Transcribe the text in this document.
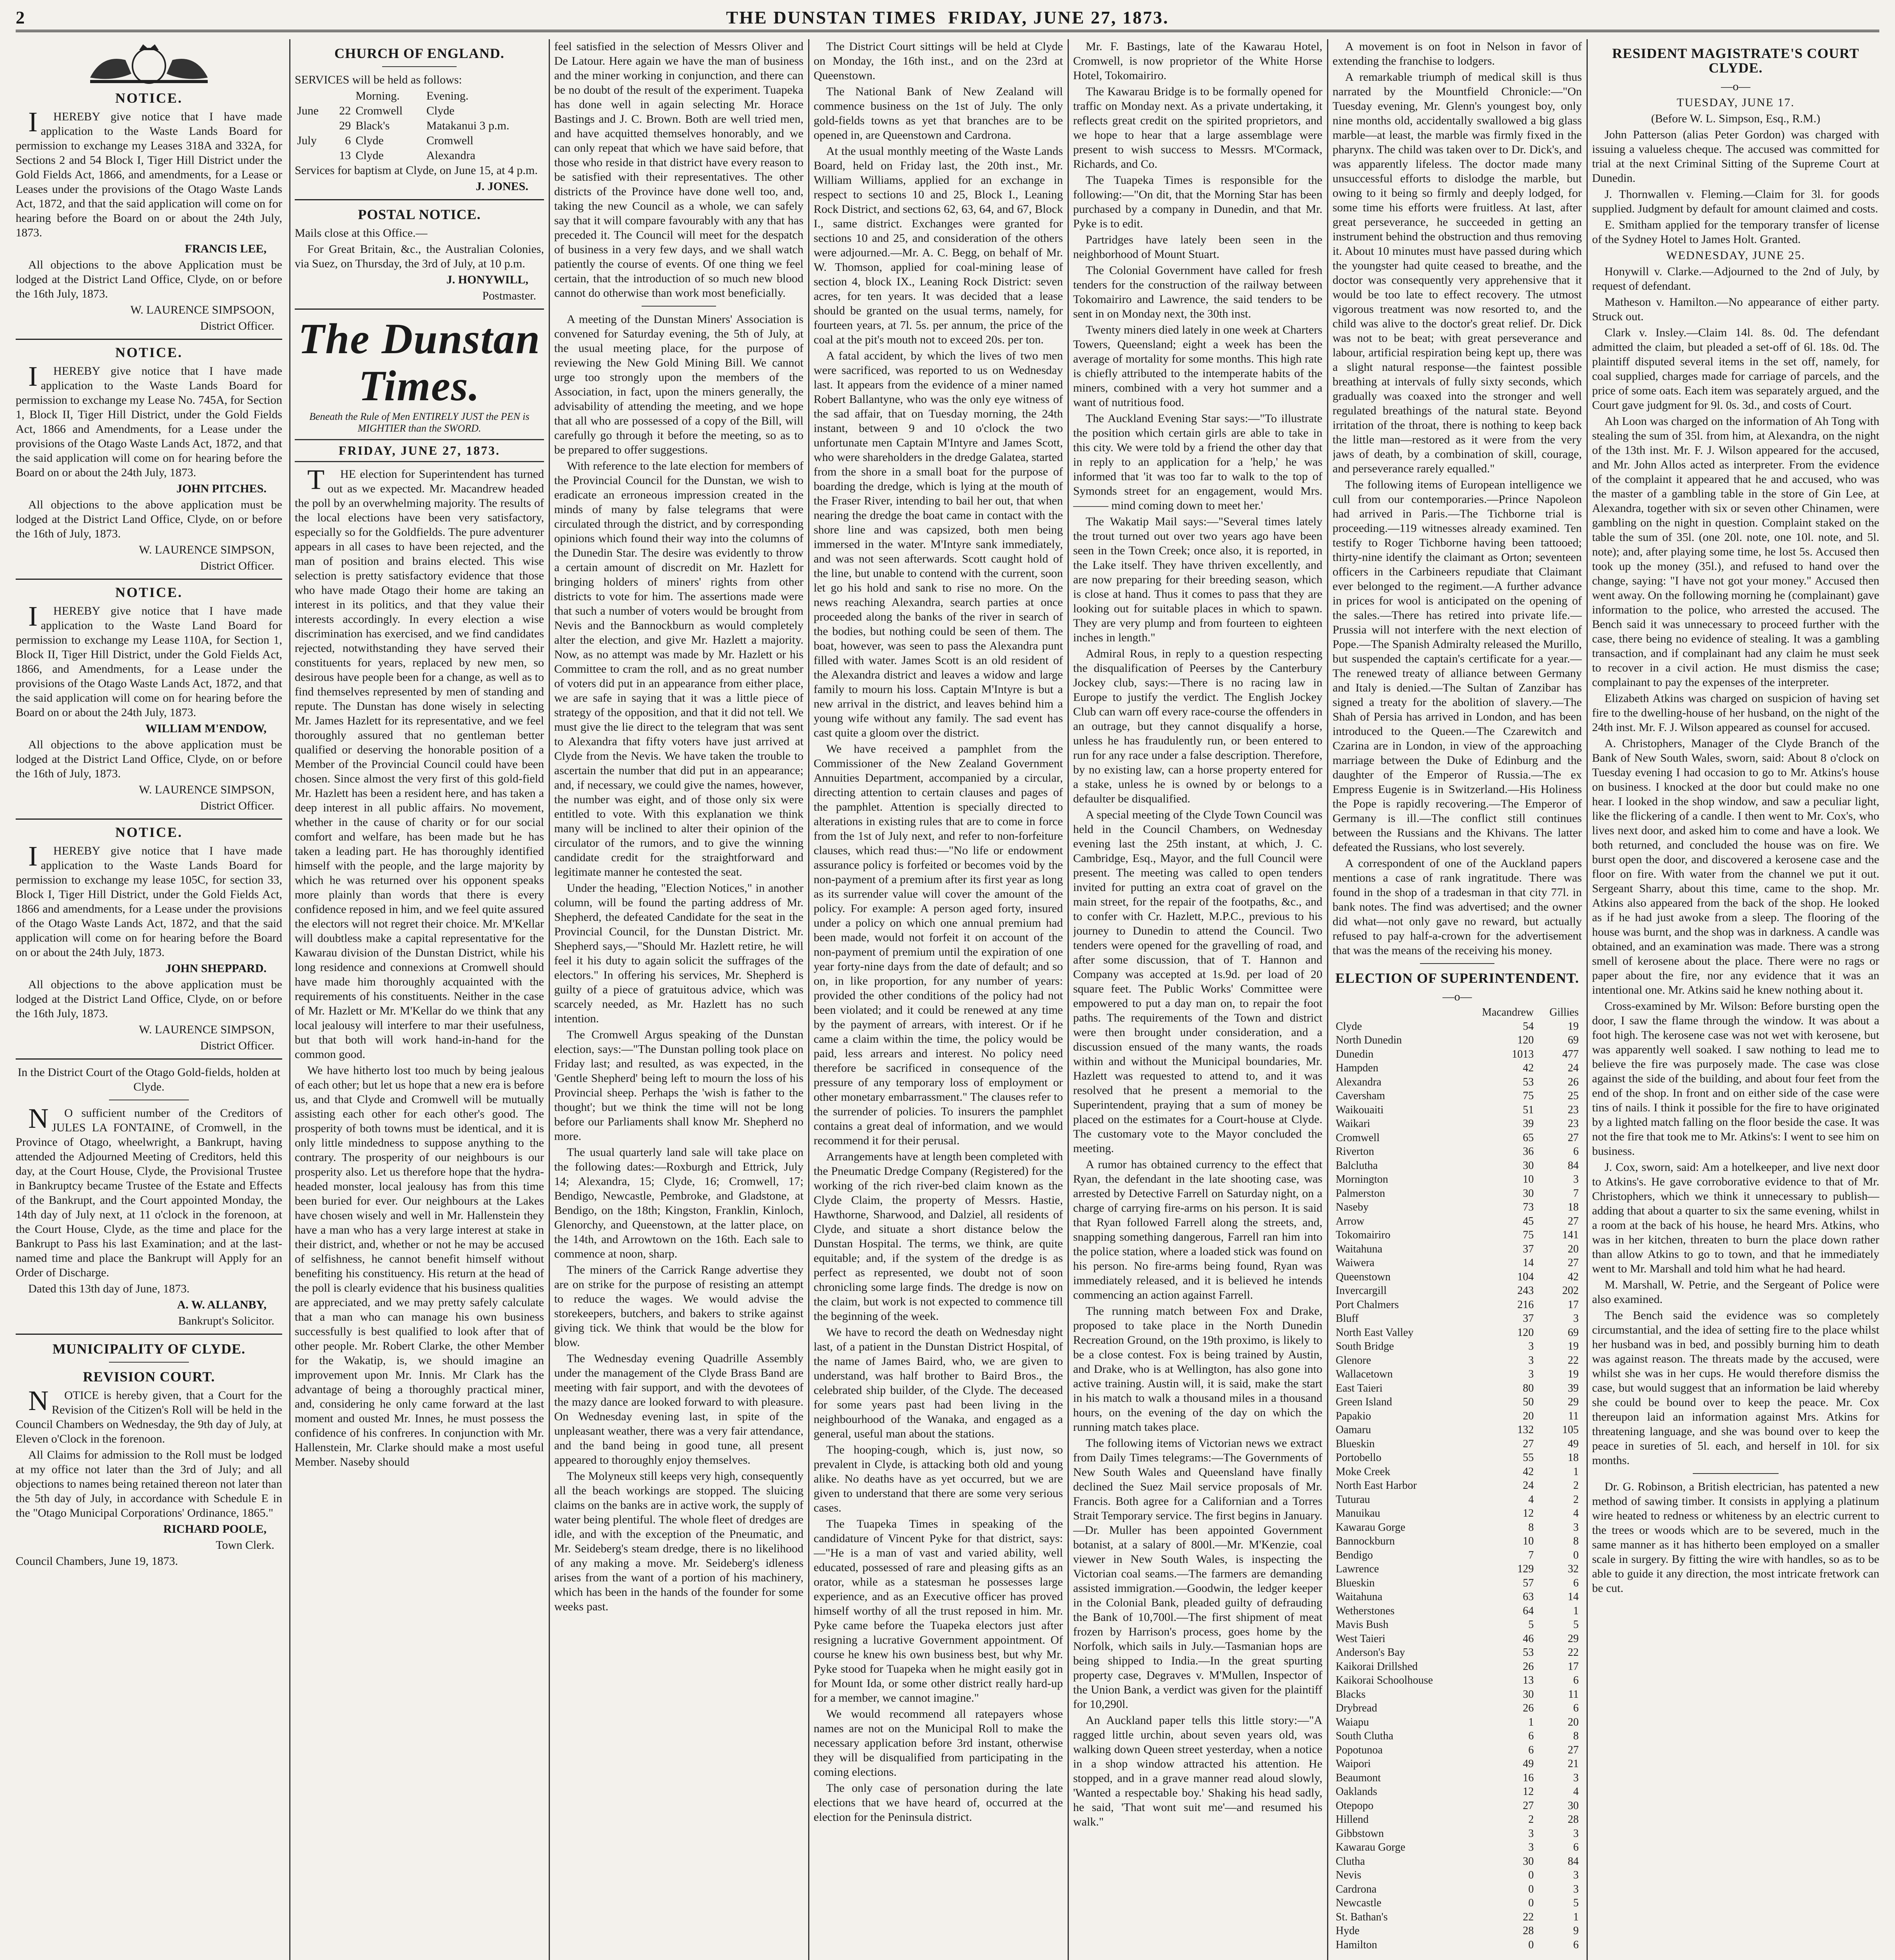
2	THE DUNSTAN TIMES FRIDAY, JUNE 27, 1873.
NOTICE.

IHEREBY give notice that I have made application to the Waste Lands Board for permission to exchange my Leases 318A and 332A, for Sections 2 and 54 Block I, Tiger Hill District under the Gold Fields Act, 1866, and amendments, for a Lease or Leases under the provisions of the Otago Waste Lands Act, 1872, and that the said application will come on for hearing before the Board on or about the 24th July, 1873.

FRANCIS LEE,

All objections to the above Application must be lodged at the District Land Office, Clyde, on or before the 16th July, 1873.

W. LAURENCE SIMPSOON,

District Officer.

NOTICE.

IHEREBY give notice that I have made application to the Waste Lands Board for permission to exchange my Lease No. 745A, for Section 1, Block II, Tiger Hill District, under the Gold Fields Act, 1866 and Amendments, for a Lease under the provisions of the Otago Waste Lands Act, 1872, and that the said application will come on for hearing before the Board on or about the 24th July, 1873.

JOHN PITCHES.

All objections to the above application must be lodged at the District Land Office, Clyde, on or before the 16th of July, 1873.

W. LAURENCE SIMPSON,

District Officer.

NOTICE.

IHEREBY give notice that I have made application to the Waste Land Board for permission to exchange my Lease 110A, for Section 1, Block II, Tiger Hill District, under the Gold Fields Act, 1866, and Amendments, for a Lease under the provisions of the Otago Waste Lands Act, 1872, and that the said application will come on for hearing before the Board on or about the 24th July, 1873.

WILLIAM M'ENDOW,

All objections to the above application must be lodged at the District Land Office, Clyde, on or before the 16th of July, 1873.

W. LAURENCE SIMPSON,

District Officer.

NOTICE.

IHEREBY give notice that I have made application to the Waste Lands Board for permission to exchange my lease 105C, for section 33, Block I, Tiger Hill District, under the Gold Fields Act, 1866 and amendments, for a Lease under the provisions of the Otago Waste Lands Act, 1872, and that the said application will come on for hearing before the Board on or about the 24th July, 1873.

JOHN SHEPPARD.

All objections to the above application must be lodged at the District Land Office, Clyde, on or before the 16th July, 1873.

W. LAURENCE SIMPSON,

District Officer.

In the District Court of the Otago Gold-fields, holden at Clyde.

NO sufficient number of the Creditors of JULES LA FONTAINE, of Cromwell, in the Province of Otago, wheelwright, a Bankrupt, having attended the Adjourned Meeting of Creditors, held this day, at the Court House, Clyde, the Provisional Trustee in Bankruptcy became Trustee of the Estate and Effects of the Bankrupt, and the Court appointed Monday, the 14th day of July next, at 11 o'clock in the forenoon, at the Court House, Clyde, as the time and place for the Bankrupt to Pass his last Examination; and at the last-named time and place the Bankrupt will Apply for an Order of Discharge.

Dated this 13th day of June, 1873.

A. W. ALLANBY,

Bankrupt's Solicitor.

MUNICIPALITY OF CLYDE.
REVISION COURT.

NOTICE is hereby given, that a Court for the Revision of the Citizen's Roll will be held in the Council Chambers on Wednesday, the 9th day of July, at Eleven o'Clock in the forenoon.

All Claims for admission to the Roll must be lodged at my office not later than the 3rd of July; and all objections to names being retained thereon not later than the 5th day of July, in accordance with Schedule E in the "Otago Municipal Corporations' Ordinance, 1865."

RICHARD POOLE,

Town Clerk.

Council Chambers, June 19, 1873.

CHURCH OF ENGLAND.

SERVICES will be held as follows:

		Morning.	Evening.
June	22	Cromwell	Clyde
	29	Black's	Matakanui 3 p.m.
July	6	Clyde	Cromwell
	13	Clyde	Alexandra

Services for baptism at Clyde, on June 15, at 4 p.m.

J. JONES.

POSTAL NOTICE.

Mails close at this Office.—

For Great Britain, &c., the Australian Colonies, via Suez, on Thursday, the 3rd of July, at 10 p.m.

J. HONYWILL,

Postmaster.

The Dunstan Times.
Beneath the Rule of Men ENTIRELY JUST the PEN is MIGHTIER than the SWORD.
FRIDAY, JUNE 27, 1873.

THE election for Superintendent has turned out as we expected. Mr. Macandrew headed the poll by an overwhelming majority. The results of the local elections have been very satisfactory, especially so for the Goldfields. The pure adventurer appears in all cases to have been rejected, and the man of position and brains elected. This wise selection is pretty satisfactory evidence that those who have made Otago their home are taking an interest in its politics, and that they value their interests accordingly. In every election a wise discrimination has exercised, and we find candidates rejected, notwithstanding they have served their constituents for years, replaced by new men, so desirous have people been for a change, as well as to find themselves represented by men of standing and repute. The Dunstan has done wisely in selecting Mr. James Hazlett for its representative, and we feel thoroughly assured that no gentleman better qualified or deserving the honorable position of a Member of the Provincial Council could have been chosen. Since almost the very first of this gold-field Mr. Hazlett has been a resident here, and has taken a deep interest in all public affairs. No movement, whether in the cause of charity or for our social comfort and welfare, has been made but he has taken a leading part. He has thoroughly identified himself with the people, and the large majority by which he was returned over his opponent speaks more plainly than words that there is every confidence reposed in him, and we feel quite assured the electors will not regret their choice. Mr. M'Kellar will doubtless make a capital representative for the Kawarau division of the Dunstan District, while his long residence and connexions at Cromwell should have made him thoroughly acquainted with the requirements of his constituents. Neither in the case of Mr. Hazlett or Mr. M'Kellar do we think that any local jealousy will interfere to mar their usefulness, but that both will work hand-in-hand for the common good.

We have hitherto lost too much by being jealous of each other; but let us hope that a new era is before us, and that Clyde and Cromwell will be mutually assisting each other for each other's good. The prosperity of both towns must be identical, and it is only little mindedness to suppose anything to the contrary. The prosperity of our neighbours is our prosperity also. Let us therefore hope that the hydra-headed monster, local jealousy has from this time been buried for ever. Our neighbours at the Lakes have chosen wisely and well in Mr. Hallenstein they have a man who has a very large interest at stake in their district, and, whether or not he may be accused of selfishness, he cannot benefit himself without benefiting his constituency. His return at the head of the poll is clearly evidence that his business qualities are appreciated, and we may pretty safely calculate that a man who can manage his own business successfully is best qualified to look after that of other people. Mr. Robert Clarke, the other Member for the Wakatip, is, we should imagine an improvement upon Mr. Innis. Mr Clark has the advantage of being a thoroughly practical miner, and, considering he only came forward at the last moment and ousted Mr. Innes, he must possess the confidence of his confreres. In conjunction with Mr. Hallenstein, Mr. Clarke should make a most useful Member. Naseby should

feel satisfied in the selection of Messrs Oliver and De Latour. Here again we have the man of business and the miner working in conjunction, and there can be no doubt of the result of the experiment. Tuapeka has done well in again selecting Mr. Horace Bastings and J. C. Brown. Both are well tried men, and have acquitted themselves honorably, and we can only repeat that which we have said before, that those who reside in that district have every reason to be satisfied with their representatives. The other districts of the Province have done well too, and, taking the new Council as a whole, we can safely say that it will compare favourably with any that has preceded it. The Council will meet for the despatch of business in a very few days, and we shall watch patiently the course of events. Of one thing we feel certain, that the introduction of so much new blood cannot do otherwise than work most beneficially.

A meeting of the Dunstan Miners' Association is convened for Saturday evening, the 5th of July, at the usual meeting place, for the purpose of reviewing the New Gold Mining Bill. We cannot urge too strongly upon the members of the Association, in fact, upon the miners generally, the advisability of attending the meeting, and we hope that all who are possessed of a copy of the Bill, will carefully go through it before the meeting, so as to be prepared to offer suggestions.

With reference to the late election for members of the Provincial Council for the Dunstan, we wish to eradicate an erroneous impression created in the minds of many by false telegrams that were circulated through the district, and by corresponding opinions which found their way into the columns of the Dunedin Star. The desire was evidently to throw a certain amount of discredit on Mr. Hazlett for bringing holders of miners' rights from other districts to vote for him. The assertions made were that such a number of voters would be brought from Nevis and the Bannockburn as would completely alter the election, and give Mr. Hazlett a majority. Now, as no attempt was made by Mr. Hazlett or his Committee to cram the roll, and as no great number of voters did put in an appearance from either place, we are safe in saying that it was a little piece of strategy of the opposition, and that it did not tell. We must give the lie direct to the telegram that was sent to Alexandra that fifty voters have just arrived at Clyde from the Nevis. We have taken the trouble to ascertain the number that did put in an appearance; and, if necessary, we could give the names, however, the number was eight, and of those only six were entitled to vote. With this explanation we think many will be inclined to alter their opinion of the circulator of the rumors, and to give the winning candidate credit for the straightforward and legitimate manner he contested the seat.

Under the heading, "Election Notices," in another column, will be found the parting address of Mr. Shepherd, the defeated Candidate for the seat in the Provincial Council, for the Dunstan District. Mr. Shepherd says,—"Should Mr. Hazlett retire, he will feel it his duty to again solicit the suffrages of the electors." In offering his services, Mr. Shepherd is guilty of a piece of gratuitous advice, which was scarcely needed, as Mr. Hazlett has no such intention.

The Cromwell Argus speaking of the Dunstan election, says:—"The Dunstan polling took place on Friday last; and resulted, as was expected, in the 'Gentle Shepherd' being left to mourn the loss of his Provincial sheep. Perhaps the 'wish is father to the thought'; but we think the time will not be long before our Parliaments shall know Mr. Shepherd no more.

The usual quarterly land sale will take place on the following dates:—Roxburgh and Ettrick, July 14; Alexandra, 15; Clyde, 16; Cromwell, 17; Bendigo, Newcastle, Pembroke, and Gladstone, at Bendigo, on the 18th; Kingston, Franklin, Kinloch, Glenorchy, and Queenstown, at the latter place, on the 14th, and Arrowtown on the 16th. Each sale to commence at noon, sharp.

The miners of the Carrick Range advertise they are on strike for the purpose of resisting an attempt to reduce the wages. We would advise the storekeepers, butchers, and bakers to strike against giving tick. We think that would be the blow for blow.

The Wednesday evening Quadrille Assembly under the management of the Clyde Brass Band are meeting with fair support, and with the devotees of the mazy dance are looked forward to with pleasure. On Wednesday evening last, in spite of the unpleasant weather, there was a very fair attendance, and the band being in good tune, all present appeared to thoroughly enjoy themselves.

The Molyneux still keeps very high, consequently all the beach workings are stopped. The sluicing claims on the banks are in active work, the supply of water being plentiful. The whole fleet of dredges are idle, and with the exception of the Pneumatic, and Mr. Seideberg's steam dredge, there is no likelihood of any making a move. Mr. Seideberg's idleness arises from the want of a portion of his machinery, which has been in the hands of the founder for some weeks past.

The District Court sittings will be held at Clyde on Monday, the 16th inst., and on the 23rd at Queenstown.

The National Bank of New Zealand will commence business on the 1st of July. The only gold-fields towns as yet that branches are to be opened in, are Queenstown and Cardrona.

At the usual monthly meeting of the Waste Lands Board, held on Friday last, the 20th inst., Mr. William Williams, applied for an exchange in respect to sections 10 and 25, Block I., Leaning Rock District, and sections 62, 63, 64, and 67, Block I., same district. Exchanges were granted for sections 10 and 25, and consideration of the others were adjourned.—Mr. A. C. Begg, on behalf of Mr. W. Thomson, applied for coal-mining lease of section 4, block IX., Leaning Rock District: seven acres, for ten years. It was decided that a lease should be granted on the usual terms, namely, for fourteen years, at 7l. 5s. per annum, the price of the coal at the pit's mouth not to exceed 20s. per ton.

A fatal accident, by which the lives of two men were sacrificed, was reported to us on Wednesday last. It appears from the evidence of a miner named Robert Ballantyne, who was the only eye witness of the sad affair, that on Tuesday morning, the 24th instant, between 9 and 10 o'clock the two unfortunate men Captain M'Intyre and James Scott, who were shareholders in the dredge Galatea, started from the shore in a small boat for the purpose of boarding the dredge, which is lying at the mouth of the Fraser River, intending to bail her out, that when nearing the dredge the boat came in contact with the shore line and was capsized, both men being immersed in the water. M'Intyre sank immediately, and was not seen afterwards. Scott caught hold of the line, but unable to contend with the current, soon let go his hold and sank to rise no more. On the news reaching Alexandra, search parties at once proceeded along the banks of the river in search of the bodies, but nothing could be seen of them. The boat, however, was seen to pass the Alexandra punt filled with water. James Scott is an old resident of the Alexandra district and leaves a widow and large family to mourn his loss. Captain M'Intyre is but a new arrival in the district, and leaves behind him a young wife without any family. The sad event has cast quite a gloom over the district.

We have received a pamphlet from the Commissioner of the New Zealand Government Annuities Department, accompanied by a circular, directing attention to certain clauses and pages of the pamphlet. Attention is specially directed to alterations in existing rules that are to come in force from the 1st of July next, and refer to non-forfeiture clauses, which read thus:—"No life or endowment assurance policy is forfeited or becomes void by the non-payment of a premium after its first year as long as its surrender value will cover the amount of the policy. For example: A person aged forty, insured under a policy on which one annual premium had been made, would not forfeit it on account of the non-payment of premium until the expiration of one year forty-nine days from the date of default; and so on, in like proportion, for any number of years: provided the other conditions of the policy had not been violated; and it could be renewed at any time by the payment of arrears, with interest. Or if he came a claim within the time, the policy would be paid, less arrears and interest. No policy need therefore be sacrificed in consequence of the pressure of any temporary loss of employment or other monetary embarrassment." The clauses refer to the surrender of policies. To insurers the pamphlet contains a great deal of information, and we would recommend it for their perusal.

Arrangements have at length been completed with the Pneumatic Dredge Company (Registered) for the working of the rich river-bed claim known as the Clyde Claim, the property of Messrs. Hastie, Hawthorne, Sharwood, and Dalziel, all residents of Clyde, and situate a short distance below the Dunstan Hospital. The terms, we think, are quite equitable; and, if the system of the dredge is as perfect as represented, we doubt not of soon chronicling some large finds. The dredge is now on the claim, but work is not expected to commence till the beginning of the week.

We have to record the death on Wednesday night last, of a patient in the Dunstan District Hospital, of the name of James Baird, who, we are given to understand, was half brother to Baird Bros., the celebrated ship builder, of the Clyde. The deceased for some years past had been living in the neighbourhood of the Wanaka, and engaged as a general, useful man about the stations.

The hooping-cough, which is, just now, so prevalent in Clyde, is attacking both old and young alike. No deaths have as yet occurred, but we are given to understand that there are some very serious cases.

The Tuapeka Times in speaking of the candidature of Vincent Pyke for that district, says:—"He is a man of vast and varied ability, well educated, possessed of rare and pleasing gifts as an orator, while as a statesman he possesses large experience, and as an Executive officer has proved himself worthy of all the trust reposed in him. Mr. Pyke came before the Tuapeka electors just after resigning a lucrative Government appointment. Of course he knew his own business best, but why Mr. Pyke stood for Tuapeka when he might easily got in for Mount Ida, or some other district really hard-up for a member, we cannot imagine."

We would recommend all ratepayers whose names are not on the Municipal Roll to make the necessary application before 3rd instant, otherwise they will be disqualified from participating in the coming elections.

The only case of personation during the late elections that we have heard of, occurred at the election for the Peninsula district.

Mr. F. Bastings, late of the Kawarau Hotel, Cromwell, is now proprietor of the White Horse Hotel, Tokomairiro.

The Kawarau Bridge is to be formally opened for traffic on Monday next. As a private undertaking, it reflects great credit on the spirited proprietors, and we hope to hear that a large assemblage were present to wish success to Messrs. M'Cormack, Richards, and Co.

The Tuapeka Times is responsible for the following:—"On dit, that the Morning Star has been purchased by a company in Dunedin, and that Mr. Pyke is to edit.

Partridges have lately been seen in the neighborhood of Mount Stuart.

The Colonial Government have called for fresh tenders for the construction of the railway between Tokomairiro and Lawrence, the said tenders to be sent in on Monday next, the 30th inst.

Twenty miners died lately in one week at Charters Towers, Queensland; eight a week has been the average of mortality for some months. This high rate is chiefly attributed to the intemperate habits of the miners, combined with a very hot summer and a want of nutritious food.

The Auckland Evening Star says:—"To illustrate the position which certain girls are able to take in this city. We were told by a friend the other day that in reply to an application for a 'help,' he was informed that 'it was too far to walk to the top of Symonds street for an engagement, would Mrs. ——— mind coming down to meet her.'

The Wakatip Mail says:—"Several times lately the trout turned out over two years ago have been seen in the Town Creek; once also, it is reported, in the Lake itself. They have thriven excellently, and are now preparing for their breeding season, which is close at hand. Thus it comes to pass that they are looking out for suitable places in which to spawn. They are very plump and from fourteen to eighteen inches in length."

Admiral Rous, in reply to a question respecting the disqualification of Peerses by the Canterbury Jockey club, says:—There is no racing law in Europe to justify the verdict. The English Jockey Club can warn off every race-course the offenders in an outrage, but they cannot disqualify a horse, unless he has fraudulently run, or been entered to run for any race under a false description. Therefore, by no existing law, can a horse property entered for a stake, unless he is owned by or belongs to a defaulter be disqualified.

A special meeting of the Clyde Town Council was held in the Council Chambers, on Wednesday evening last the 25th instant, at which, J. C. Cambridge, Esq., Mayor, and the full Council were present. The meeting was called to open tenders invited for putting an extra coat of gravel on the main street, for the repair of the footpaths, &c., and to confer with Cr. Hazlett, M.P.C., previous to his journey to Dunedin to attend the Council. Two tenders were opened for the gravelling of road, and after some discussion, that of T. Hannon and Company was accepted at 1s.9d. per load of 20 square feet. The Public Works' Committee were empowered to put a day man on, to repair the foot paths. The requirements of the Town and district were then brought under consideration, and a discussion ensued of the many wants, the roads within and without the Municipal boundaries, Mr. Hazlett was requested to attend to, and it was resolved that he present a memorial to the Superintendent, praying that a sum of money be placed on the estimates for a Court-house at Clyde. The customary vote to the Mayor concluded the meeting.

A rumor has obtained currency to the effect that Ryan, the defendant in the late shooting case, was arrested by Detective Farrell on Saturday night, on a charge of carrying fire-arms on his person. It is said that Ryan followed Farrell along the streets, and, snapping something dangerous, Farrell ran him into the police station, where a loaded stick was found on his person. No fire-arms being found, Ryan was immediately released, and it is believed he intends commencing an action against Farrell.

The running match between Fox and Drake, proposed to take place in the North Dunedin Recreation Ground, on the 19th proximo, is likely to be a close contest. Fox is being trained by Austin, and Drake, who is at Wellington, has also gone into active training. Austin will, it is said, make the start in his match to walk a thousand miles in a thousand hours, on the evening of the day on which the running match takes place.

The following items of Victorian news we extract from Daily Times telegrams:—The Governments of New South Wales and Queensland have finally declined the Suez Mail service proposals of Mr. Francis. Both agree for a Californian and a Torres Strait Temporary service. The first begins in January.—Dr. Muller has been appointed Government botanist, at a salary of 800l.—Mr. M'Kenzie, coal viewer in New South Wales, is inspecting the Victorian coal seams.—The farmers are demanding assisted immigration.—Goodwin, the ledger keeper in the Colonial Bank, pleaded guilty of defrauding the Bank of 10,700l.—The first shipment of meat frozen by Harrison's process, goes home by the Norfolk, which sails in July.—Tasmanian hops are being shipped to India.—In the great spurting property case, Degraves v. M'Mullen, Inspector of the Union Bank, a verdict was given for the plaintiff for 10,290l.

An Auckland paper tells this little story:—"A ragged little urchin, about seven years old, was walking down Queen street yesterday, when a notice in a shop window attracted his attention. He stopped, and in a grave manner read aloud slowly, 'Wanted a respectable boy.' Shaking his head sadly, he said, 'That wont suit me'—and resumed his walk."

A movement is on foot in Nelson in favor of extending the franchise to lodgers.

A remarkable triumph of medical skill is thus narrated by the Mountfield Chronicle:—"On Tuesday evening, Mr. Glenn's youngest boy, only nine months old, accidentally swallowed a big glass marble—at least, the marble was firmly fixed in the pharynx. The child was taken over to Dr. Dick's, and was apparently lifeless. The doctor made many unsuccessful efforts to dislodge the marble, but owing to it being so firmly and deeply lodged, for some time his efforts were fruitless. At last, after great perseverance, he succeeded in getting an instrument behind the obstruction and thus removing it. About 10 minutes must have passed during which the youngster had quite ceased to breathe, and the doctor was consequently very apprehensive that it would be too late to effect recovery. The utmost vigorous treatment was now resorted to, and the child was alive to the doctor's great relief. Dr. Dick was not to be beat; with great perseverance and labour, artificial respiration being kept up, there was a slight natural response—the faintest possible breathing at intervals of fully sixty seconds, which gradually was coaxed into the stronger and well regulated breathings of the natural state. Beyond irritation of the throat, there is nothing to keep back the little man—restored as it were from the very jaws of death, by a combination of skill, courage, and perseverance rarely equalled."

The following items of European intelligence we cull from our contemporaries.—Prince Napoleon had arrived in Paris.—The Tichborne trial is proceeding.—119 witnesses already examined. Ten testify to Roger Tichborne having been tattooed; thirty-nine identify the claimant as Orton; seventeen officers in the Carbineers repudiate that Claimant ever belonged to the regiment.—A further advance in prices for wool is anticipated on the opening of the sales.—There has retired into private life.—Prussia will not interfere with the next election of Pope.—The Spanish Admiralty released the Murillo, but suspended the captain's certificate for a year.—The renewed treaty of alliance between Germany and Italy is denied.—The Sultan of Zanzibar has signed a treaty for the abolition of slavery.—The Shah of Persia has arrived in London, and has been introduced to the Queen.—The Czarewitch and Czarina are in London, in view of the approaching marriage between the Duke of Edinburg and the daughter of the Emperor of Russia.—The ex Empress Eugenie is in Switzerland.—His Holiness the Pope is rapidly recovering.—The Emperor of Germany is ill.—The conflict still continues between the Russians and the Khivans. The latter defeated the Russians, who lost severely.

A correspondent of one of the Auckland papers mentions a case of rank ingratitude. There was found in the shop of a tradesman in that city 77l. in bank notes. The find was advertised; and the owner did what—not only gave no reward, but actually refused to pay half-a-crown for the advertisement that was the means of the receiving his money.

ELECTION OF SUPERINTENDENT.

—o—

	Macandrew	Gillies
Clyde	54	19
North Dunedin	120	69
Dunedin	1013	477
Hampden	42	24
Alexandra	53	26
Caversham	75	25
Waikouaiti	51	23
Waikari	39	23
Cromwell	65	27
Riverton	36	6
Balclutha	30	84
Mornington	10	3
Palmerston	30	7
Naseby	73	18
Arrow	45	27
Tokomairiro	75	141
Waitahuna	37	20
Waiwera	14	27
Queenstown	104	42
Invercargill	243	202
Port Chalmers	216	17
Bluff	37	3
North East Valley	120	69
South Bridge	3	19
Glenore	3	22
Wallacetown	3	19
East Taieri	80	39
Green Island	50	29
Papakio	20	11
Oamaru	132	105
Blueskin	27	49
Portobello	55	18
Moke Creek	42	1
North East Harbor	24	2
Tuturau	4	2
Manuikau	12	4
Kawarau Gorge	8	3
Bannockburn	10	8
Bendigo	7	0
Lawrence	129	32
Blueskin	57	6
Waitahuna	63	14
Wetherstones	64	1
Mavis Bush	5	5
West Taieri	46	29
Anderson's Bay	53	22
Kaikorai Drillshed	26	17
Kaikorai Schoolhouse	13	6
Blacks	30	11
Drybread	26	6
Waiapu	1	20
South Clutha	6	8
Popotunoa	6	27
Waipori	49	21
Beaumont	16	3
Oaklands	12	4
Otepopo	27	30
Hillend	2	28
Gibbstown	3	3
Kawarau Gorge	3	6
Clutha	30	84
Nevis	0	3
Cardrona	0	3
Newcastle	0	5
St. Bathan's	22	1
Hyde	28	9
Hamilton	0	6
RESIDENT MAGISTRATE'S COURT CLYDE.

—o—

TUESDAY, JUNE 17.

(Before W. L. Simpson, Esq., R.M.)

John Patterson (alias Peter Gordon) was charged with issuing a valueless cheque. The accused was committed for trial at the next Criminal Sitting of the Supreme Court at Dunedin.

J. Thornwallen v. Fleming.—Claim for 3l. for goods supplied. Judgment by default for amount claimed and costs.

E. Smitham applied for the temporary transfer of license of the Sydney Hotel to James Holt. Granted.

WEDNESDAY, JUNE 25.

Honywill v. Clarke.—Adjourned to the 2nd of July, by request of defendant.

Matheson v. Hamilton.—No appearance of either party. Struck out.

Clark v. Insley.—Claim 14l. 8s. 0d. The defendant admitted the claim, but pleaded a set-off of 6l. 18s. 0d. The plaintiff disputed several items in the set off, namely, for coal supplied, charges made for carriage of parcels, and the price of some oats. Each item was separately argued, and the Court gave judgment for 9l. 0s. 3d., and costs of Court.

Ah Loon was charged on the information of Ah Tong with stealing the sum of 35l. from him, at Alexandra, on the night of the 13th inst. Mr. F. J. Wilson appeared for the accused, and Mr. John Allos acted as interpreter. From the evidence of the complaint it appeared that he and accused, who was the master of a gambling table in the store of Gin Lee, at Alexandra, together with six or seven other Chinamen, were gambling on the night in question. Complaint staked on the table the sum of 35l. (one 20l. note, one 10l. note, and 5l. note); and, after playing some time, he lost 5s. Accused then took up the money (35l.), and refused to hand over the change, saying: "I have not got your money." Accused then went away. On the following morning he (complainant) gave information to the police, who arrested the accused. The Bench said it was unnecessary to proceed further with the case, there being no evidence of stealing. It was a gambling transaction, and if complainant had any claim he must seek to recover in a civil action. He must dismiss the case; complainant to pay the expenses of the interpreter.

Elizabeth Atkins was charged on suspicion of having set fire to the dwelling-house of her husband, on the night of the 24th inst. Mr. F. J. Wilson appeared as counsel for accused.

A. Christophers, Manager of the Clyde Branch of the Bank of New South Wales, sworn, said: About 8 o'clock on Tuesday evening I had occasion to go to Mr. Atkins's house on business. I knocked at the door but could make no one hear. I looked in the shop window, and saw a peculiar light, like the flickering of a candle. I then went to Mr. Cox's, who lives next door, and asked him to come and have a look. We both returned, and concluded the house was on fire. We burst open the door, and discovered a kerosene case and the floor on fire. With water from the channel we put it out. Sergeant Sharry, about this time, came to the shop. Mr. Atkins also appeared from the back of the shop. He looked as if he had just awoke from a sleep. The flooring of the house was burnt, and the shop was in darkness. A candle was obtained, and an examination was made. There was a strong smell of kerosene about the place. There were no rags or paper about the fire, nor any evidence that it was an intentional one. Mr. Atkins said he knew nothing about it.

Cross-examined by Mr. Wilson: Before bursting open the door, I saw the flame through the window. It was about a foot high. The kerosene case was not wet with kerosene, but was apparently well soaked. I saw nothing to lead me to believe the fire was purposely made. The case was close against the side of the building, and about four feet from the end of the shop. In front and on either side of the case were tins of nails. I think it possible for the fire to have originated by a lighted match falling on the floor beside the case. It was not the fire that took me to Mr. Atkins's: I went to see him on business.

J. Cox, sworn, said: Am a hotelkeeper, and live next door to Atkins's. He gave corroborative evidence to that of Mr. Christophers, which we think it unnecessary to publish—adding that about a quarter to six the same evening, whilst in a room at the back of his house, he heard Mrs. Atkins, who was in her kitchen, threaten to burn the place down rather than allow Atkins to go to town, and that he immediately went to Mr. Marshall and told him what he had heard.

M. Marshall, W. Petrie, and the Sergeant of Police were also examined.

The Bench said the evidence was so completely circumstantial, and the idea of setting fire to the place whilst her husband was in bed, and possibly burning him to death was against reason. The threats made by the accused, were whilst she was in her cups. He would therefore dismiss the case, but would suggest that an information be laid whereby she could be bound over to keep the peace. Mr. Cox thereupon laid an information against Mrs. Atkins for threatening language, and she was bound over to keep the peace in sureties of 5l. each, and herself in 10l. for six months.

Dr. G. Robinson, a British electrician, has patented a new method of sawing timber. It consists in applying a platinum wire heated to redness or whiteness by an electric current to the trees or woods which are to be severed, much in the same manner as it has hitherto been employed on a smaller scale in surgery. By fitting the wire with handles, so as to be able to guide it any direction, the most intricate fretwork can be cut.
